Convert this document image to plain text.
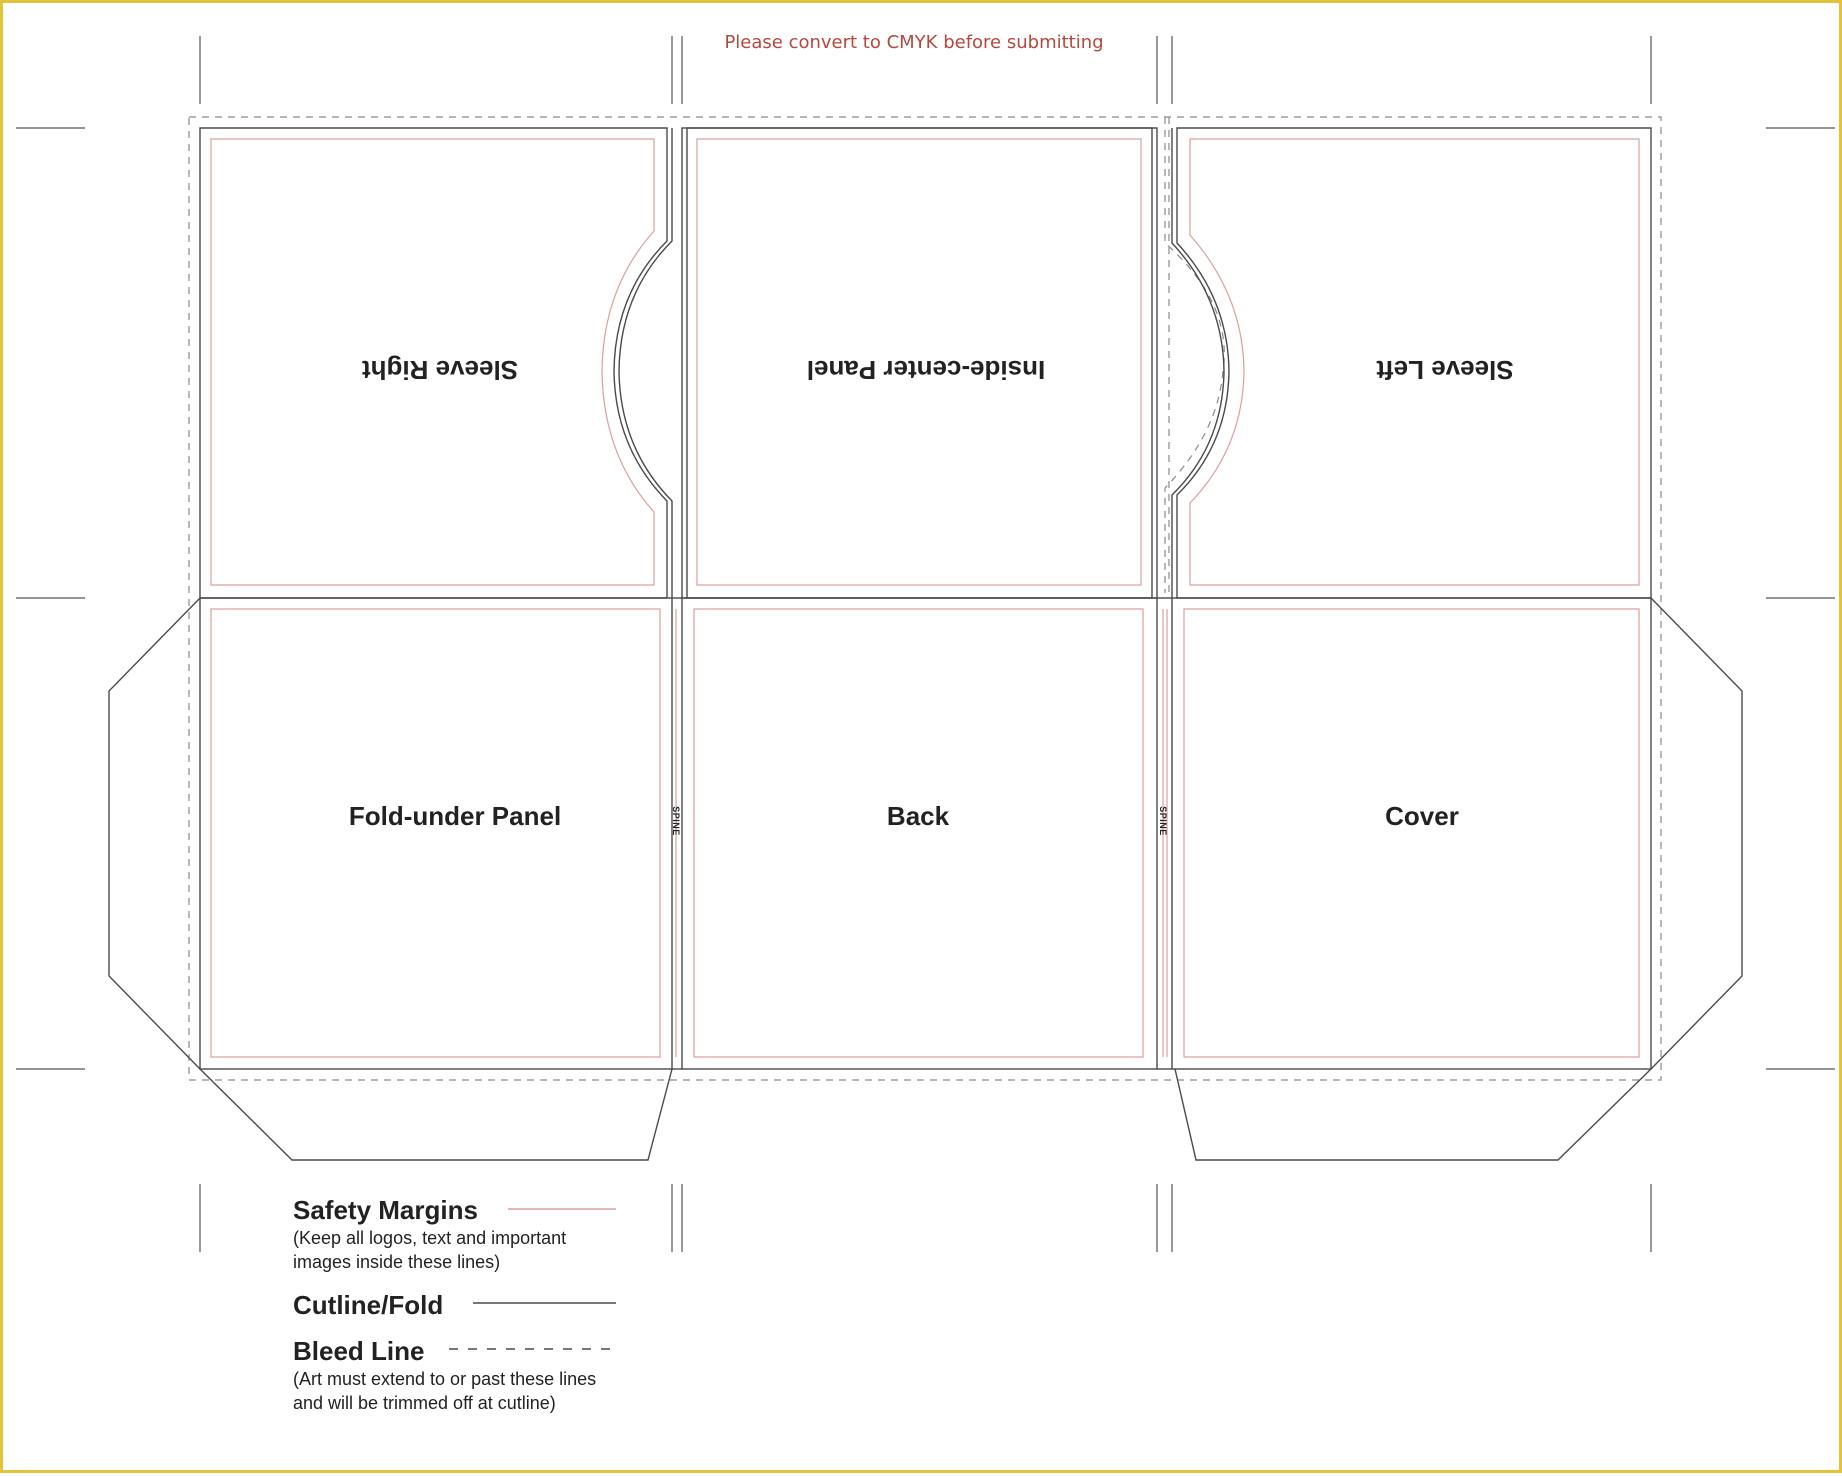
Please convert to CMYK before submitting
Sleeve Right	Inside-center Panel	Sleeve Left
Fold-under Panel	Back	Cover
SPINE	SPINE
Safety Margins
(Keep all logos, text and important
images inside these lines)
Cutline/Fold
Bleed Line
(Art must extend to or past these lines
and will be trimmed off at cutline)
